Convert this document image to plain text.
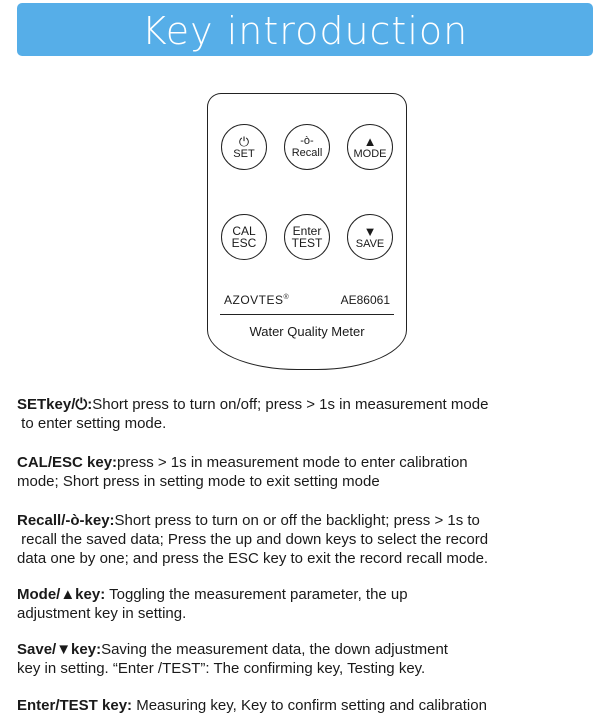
Key introduction
⏻
SET
-ò-
Recall
▲
MODE
CAL
ESC
Enter
TEST
▼
SAVE
AZOVTES®	AE86061
Water Quality Meter
SETkey/⏻:Short press to turn on/off; press > 1s in measurement mode
to enter setting mode.
CAL/ESC key:press > 1s in measurement mode to enter calibration
mode; Short press in setting mode to exit setting mode
Recall/-ò-key:Short press to turn on or off the backlight; press > 1s to
recall the saved data; Press the up and down keys to select the record
data one by one; and press the ESC key to exit the record recall mode.
Mode/▲key: Toggling the measurement parameter, the up
adjustment key in setting.
Save/▼key:Saving the measurement data, the down adjustment
key in setting. “Enter /TEST”: The confirming key, Testing key.
Enter/TEST key: Measuring key, Key to confirm setting and calibration
